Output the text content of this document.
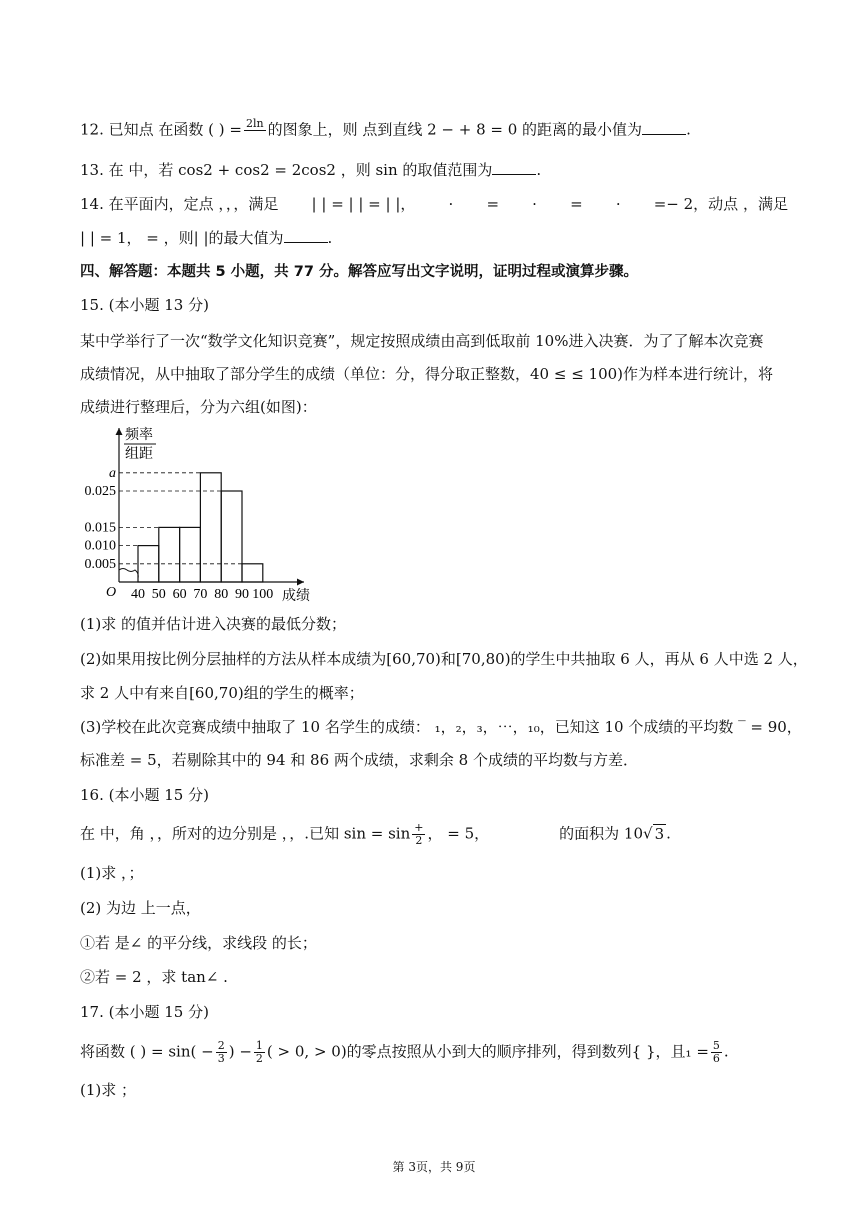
12. 已知点 在函数 ( ) = 2ln
的图象上，则 点到直线 2 − + 8 = 0 的距离的最小值为	.
13. 在 中，若 cos2 + cos2 = 2cos2 ，则 sin 的取值范围为	.
14. 在平面内，定点 ，，，满足 | | = | | = | |， · = · = · =− 2，动点 ，满足
| | = 1， = ，则| |的最大值为	.
四、解答题：本题共 5 小题，共 77 分。解答应写出文字说明，证明过程或演算步骤。
15. (本小题 13 分)
某中学举行了一次“数学文化知识竞赛”，规定按照成绩由高到低取前 10%进入决赛．为了了解本次竞赛
成绩情况，从中抽取了部分学生的成绩（单位：分，得分取正整数，40 ≤ ≤ 100)作为样本进行统计，将
成绩进行整理后，分为六组(如图)：
频率
组距
成绩
O
0.005
0.010
0.015
0.025
a
40 50 60 70 80 90 100
(1)求 的值并估计进入决赛的最低分数；
(2)如果用按比例分层抽样的方法从样本成绩为[60,70)和[70,80)的学生中共抽取 6 人，再从 6 人中选 2 人，
求 2 人中有来自[60,70)组的学生的概率；
(3)学校在此次竞赛成绩中抽取了 10 名学生的成绩： ₁，₂，₃，⋯，₁₀，已知这 10 个成绩的平均数 ‾ = 90，
标准差 = 5，若剔除其中的 94 和 86 两个成绩，求剩余 8 个成绩的平均数与方差．
16. (本小题 15 分)
在 中，角 ，，所对的边分别是 ，，.已知 $\sin = \sin \frac{+}{2}$ ， = 5，	的面积为 10√ 3 .
(1)求 ，；
(2) 为边 上一点，
①若 是∠ 的平分线，求线段 的长；
②若 = 2 ，求 tan∠ .
17. (本小题 15 分)
将函数 ( ) = $\sin( - \frac{2}{3}$ ) − $\frac{1}{2}$ ( > 0, > 0)的零点按照从小到大的顺序排列，得到数列{ }，且$_1 = \frac{5}{6}$ .
(1)求 ；
第 3页，共 9页
